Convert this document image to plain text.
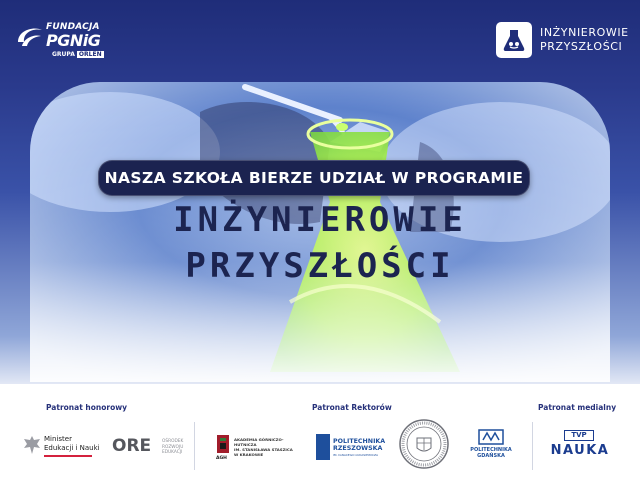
FUNDACJA
PGNiG
GRUPA ORLEN
INŻYNIEROWIE
PRZYSZŁOŚCI
NASZA SZKOŁA BIERZE UDZIAŁ W PROGRAMIE
INŻYNIEROWIE
PRZYSZŁOŚCI
Patronat honorowy	Patronat Rektorów	Patronat medialny
Minister
Edukacji i Nauki ORE	OŚRODEK
ROZWOJU
EDUKACJI
AGH
AKADEMIA GÓRNICZO-HUTNICZA
IM. STANISŁAWA STASZICA
W KRAKOWIE
POLITECHNIKA
RZESZOWSKA
IM. IGNACEGO ŁUKASIEWICZA
POLITECHNIKA
GDAŃSKA
TVP
NAUKA
